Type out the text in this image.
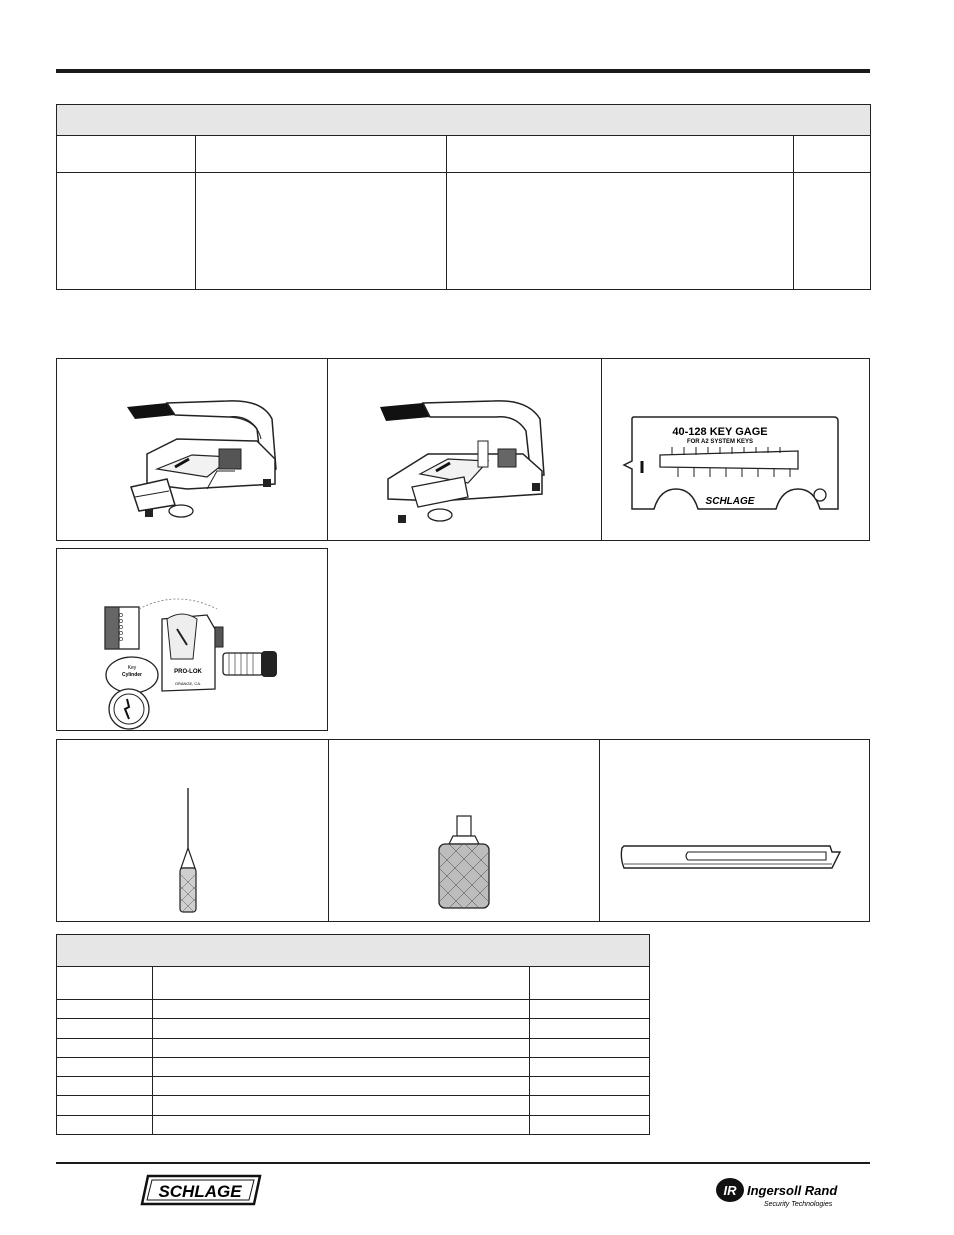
40-128 KEY GAGE
FOR A2 SYSTEM KEYS
SCHLAGE
PRO-LOK
ORANGE, CA.
Key
Cylinder

SCHLAGE	IR Ingersoll Rand
Security Technologies
